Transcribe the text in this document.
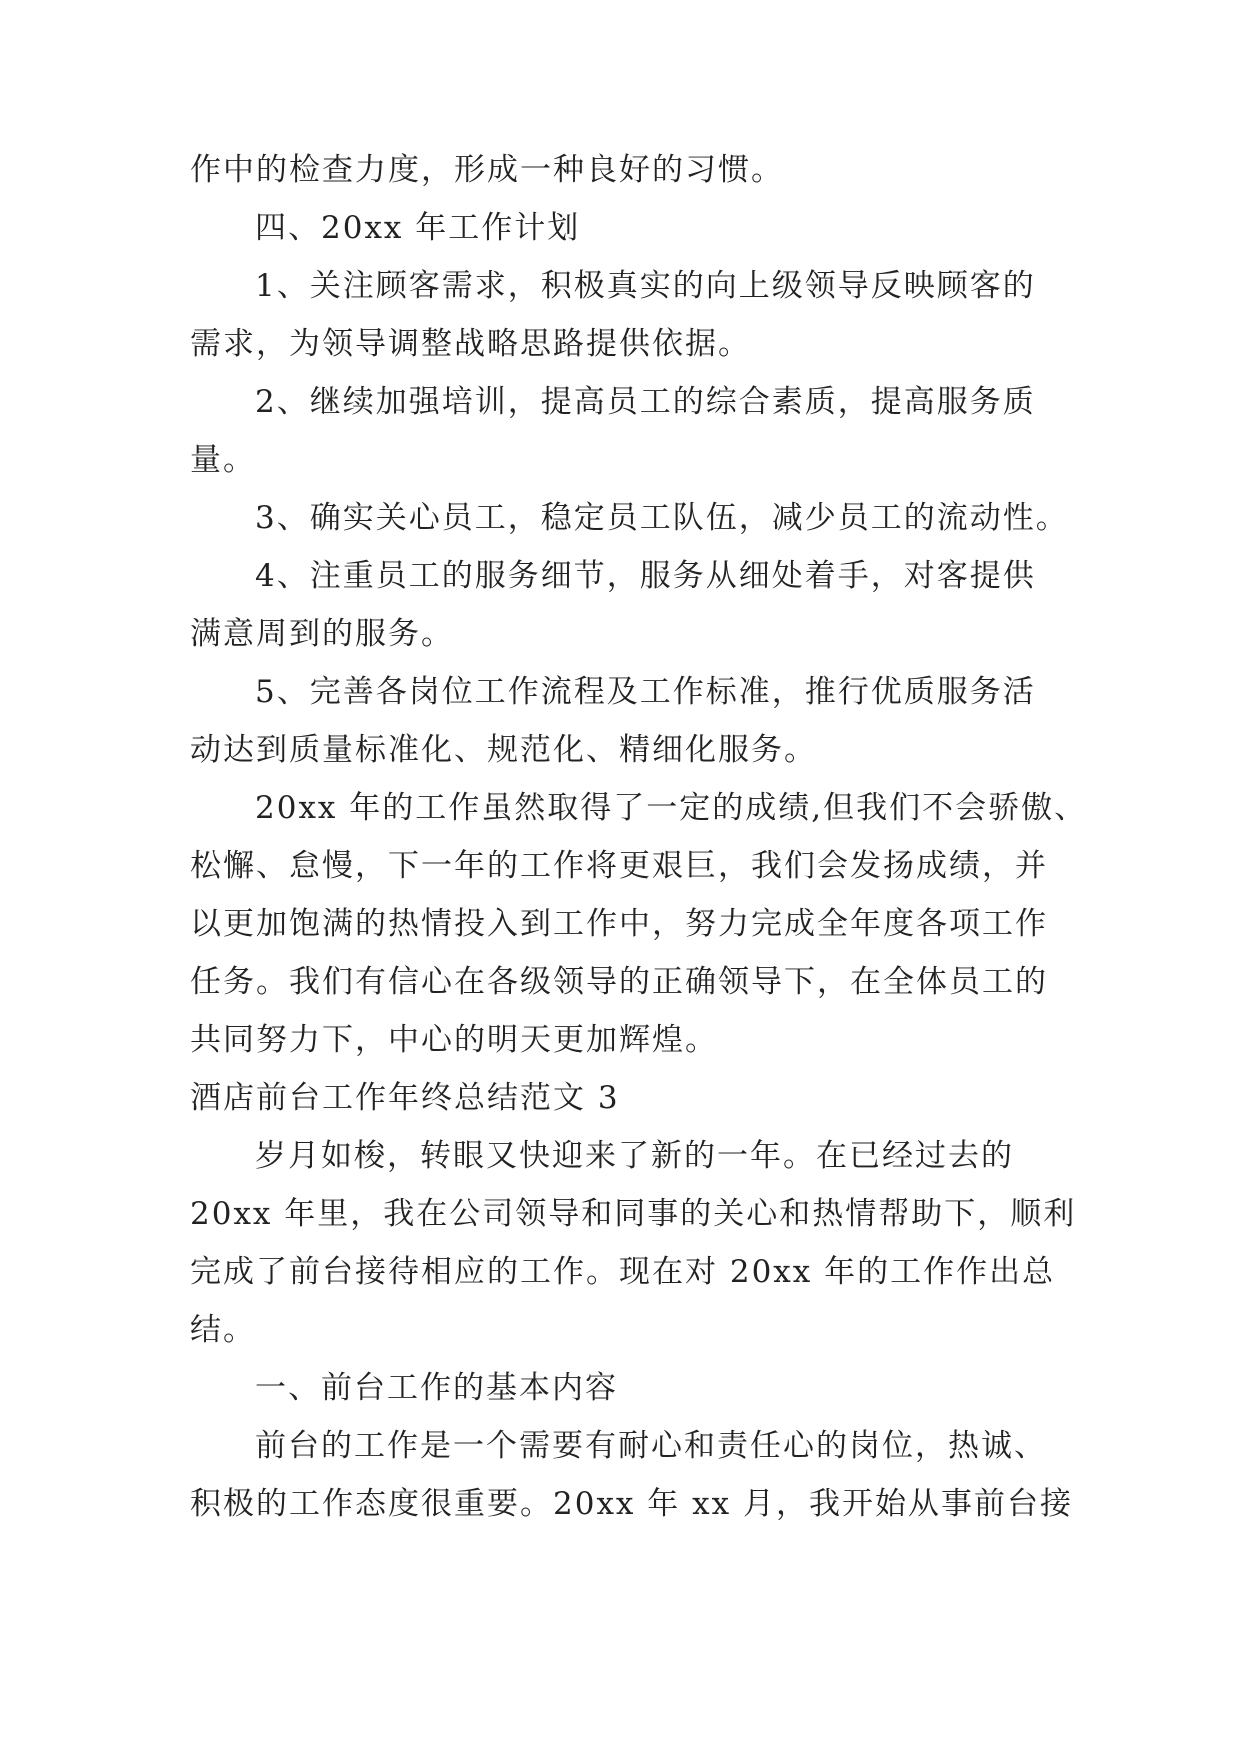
作中的检查力度，形成一种良好的习惯。
四、20xx 年工作计划
1、关注顾客需求，积极真实的向上级领导反映顾客的
需求，为领导调整战略思路提供依据。
2、继续加强培训，提高员工的综合素质，提高服务质
量。
3、确实关心员工，稳定员工队伍，减少员工的流动性。
4、注重员工的服务细节，服务从细处着手，对客提供
满意周到的服务。
5、完善各岗位工作流程及工作标准，推行优质服务活
动达到质量标准化、规范化、精细化服务。
20xx 年的工作虽然取得了一定的成绩,但我们不会骄傲、
松懈、怠慢，下一年的工作将更艰巨，我们会发扬成绩，并
以更加饱满的热情投入到工作中，努力完成全年度各项工作
任务。我们有信心在各级领导的正确领导下，在全体员工的
共同努力下，中心的明天更加辉煌。
酒店前台工作年终总结范文 3
岁月如梭，转眼又快迎来了新的一年。在已经过去的
20xx 年里，我在公司领导和同事的关心和热情帮助下，顺利
完成了前台接待相应的工作。现在对 20xx 年的工作作出总
结。
一、前台工作的基本内容
前台的工作是一个需要有耐心和责任心的岗位，热诚、
积极的工作态度很重要。20xx 年 xx 月，我开始从事前台接
